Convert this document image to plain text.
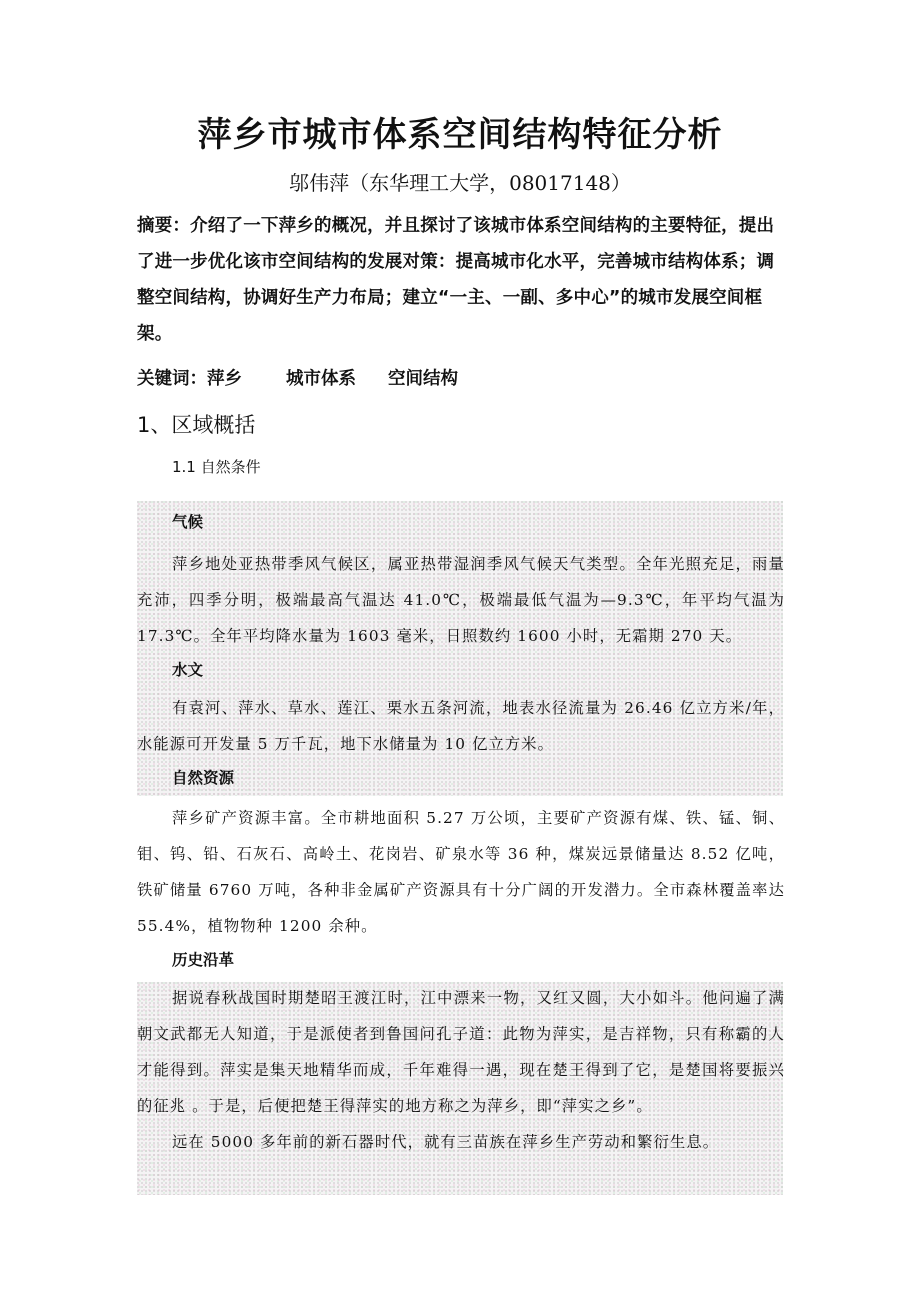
萍乡市城市体系空间结构特征分析
邬伟萍（东华理工大学，08017148）
摘要：介绍了一下萍乡的概况，并且探讨了该城市体系空间结构的主要特征，提出了进一步优化该市空间结构的发展对策：提高城市化水平，完善城市结构体系；调整空间结构，协调好生产力布局；建立“一主、一副、多中心”的城市发展空间框架。
关键词：萍乡	城市体系 空间结构
1、区域概括
1.1 自然条件
气候

萍乡地处亚热带季风气候区，属亚热带湿润季风气候天气类型。全年光照充足，雨量充沛，四季分明，极端最高气温达 41.0℃，极端最低气温为—9.3℃，年平均气温为 17.3℃。全年平均降水量为 1603 毫米，日照数约 1600 小时，无霜期 270 天。

水文

有袁河、萍水、草水、莲江、栗水五条河流，地表水径流量为 26.46 亿立方米/年，水能源可开发量 5 万千瓦，地下水储量为 10 亿立方米。

自然资源

萍乡矿产资源丰富。全市耕地面积 5.27 万公顷，主要矿产资源有煤、铁、锰、铜、钼、钨、铅、石灰石、高岭土、花岗岩、矿泉水等 36 种，煤炭远景储量达 8.52 亿吨，铁矿储量 6760 万吨，各种非金属矿产资源具有十分广阔的开发潜力。全市森林覆盖率达 55.4%，植物物种 1200 余种。

历史沿革

据说春秋战国时期楚昭王渡江时，江中漂来一物，又红又圆，大小如斗。他问遍了满朝文武都无人知道，于是派使者到鲁国问孔子道：此物为萍实，是吉祥物，只有称霸的人才能得到。萍实是集天地精华而成，千年难得一遇，现在楚王得到了它，是楚国将要振兴的征兆 。于是，后便把楚王得萍实的地方称之为萍乡，即“萍实之乡”。

远在 5000 多年前的新石器时代，就有三苗族在萍乡生产劳动和繁衍生息。
